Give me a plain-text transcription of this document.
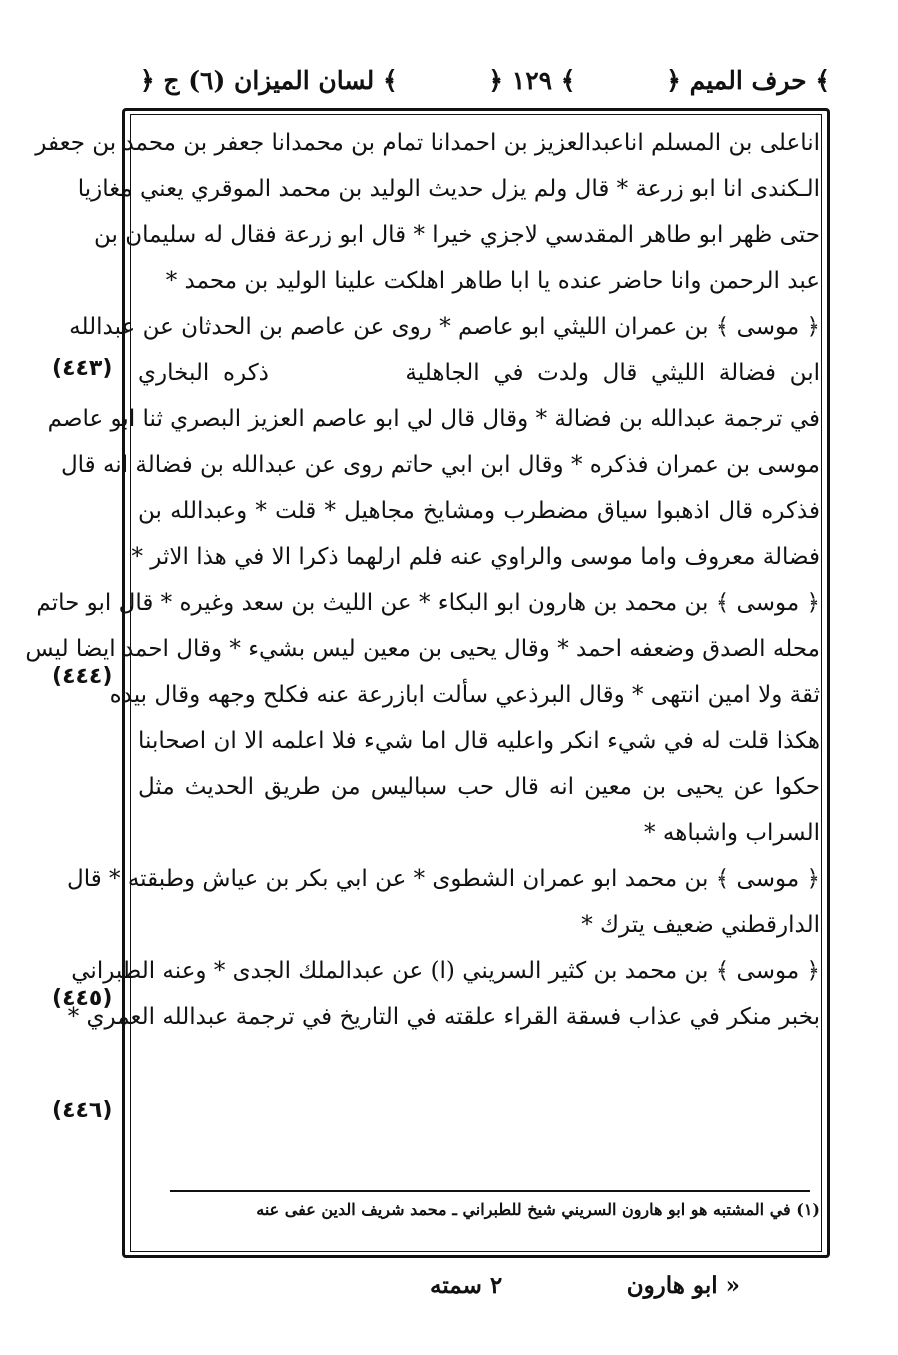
﴿ حرف الميم ﴾
﴿ ١٢٩ ﴾
﴿ لسان الميزان (٦) ج ﴾
اناعلى بن المسلم اناعبدالعزيز بن احمدانا تمام بن محمدانا جعفر بن محمد بن جعفر
الـكندى انا ابو زرعة * قال ولم يزل حديث الوليد بن محمد الموقري يعني مغازيا
حتى ظهر ابو طاهر المقدسي لاجزي خيرا * قال ابو زرعة فقال له سليمان بن
عبد الرحمن وانا حاضر عنده يا ابا طاهر اهلكت علينا الوليد بن محمد *
﴿ موسى ﴾ بن عمران الليثي ابو عاصم * روى عن عاصم بن الحدثان عن عبدالله
ابن فضالة الليثي قال ولدت في الجاهلية          ذكره البخاري
في ترجمة عبدالله بن فضالة * وقال قال لي ابو عاصم العزيز البصري ثنا ابو عاصم
موسى بن عمران فذكره * وقال ابن ابي حاتم روى عن عبدالله بن فضالة انه قال
فذكره قال اذهبوا سياق مضطرب ومشايخ مجاهيل * قلت * وعبدالله بن
فضالة معروف واما موسى والراوي عنه فلم ارلهما ذكرا الا في هذا الاثر *
﴿ موسى ﴾ بن محمد بن هارون ابو البكاء * عن الليث بن سعد وغيره * قال ابو حاتم
محله الصدق وضعفه احمد * وقال يحيى بن معين ليس بشيء * وقال احمد ايضا ليس
ثقة ولا امين انتهى * وقال البرذعي سألت ابازرعة عنه فكلح وجهه وقال بيده
هكذا قلت له في شيء انكر واعليه قال اما شيء فلا اعلمه الا ان اصحابنا
حكوا عن يحيى بن معين انه قال حب سباليس من طريق الحديث مثل
السراب واشباهه *
﴿ موسى ﴾ بن محمد ابو عمران الشطوى * عن ابي بكر بن عياش وطبقته * قال
الدارقطني ضعيف يترك *
﴿ موسى ﴾ بن محمد بن كثير السريني (ا) عن عبدالملك الجدى * وعنه الطبراني
بخبر منكر في عذاب فسقة القراء علقته في التاريخ في ترجمة عبدالله العمري *
(٤٤٣)
(٤٤٤)
(٤٤٥)
(٤٤٦)
(١) في المشتبه هو ابو هارون السريني شيخ للطبراني ـ محمد شريف الدين عفى عنه
« ابو هارون
٢ سمته
